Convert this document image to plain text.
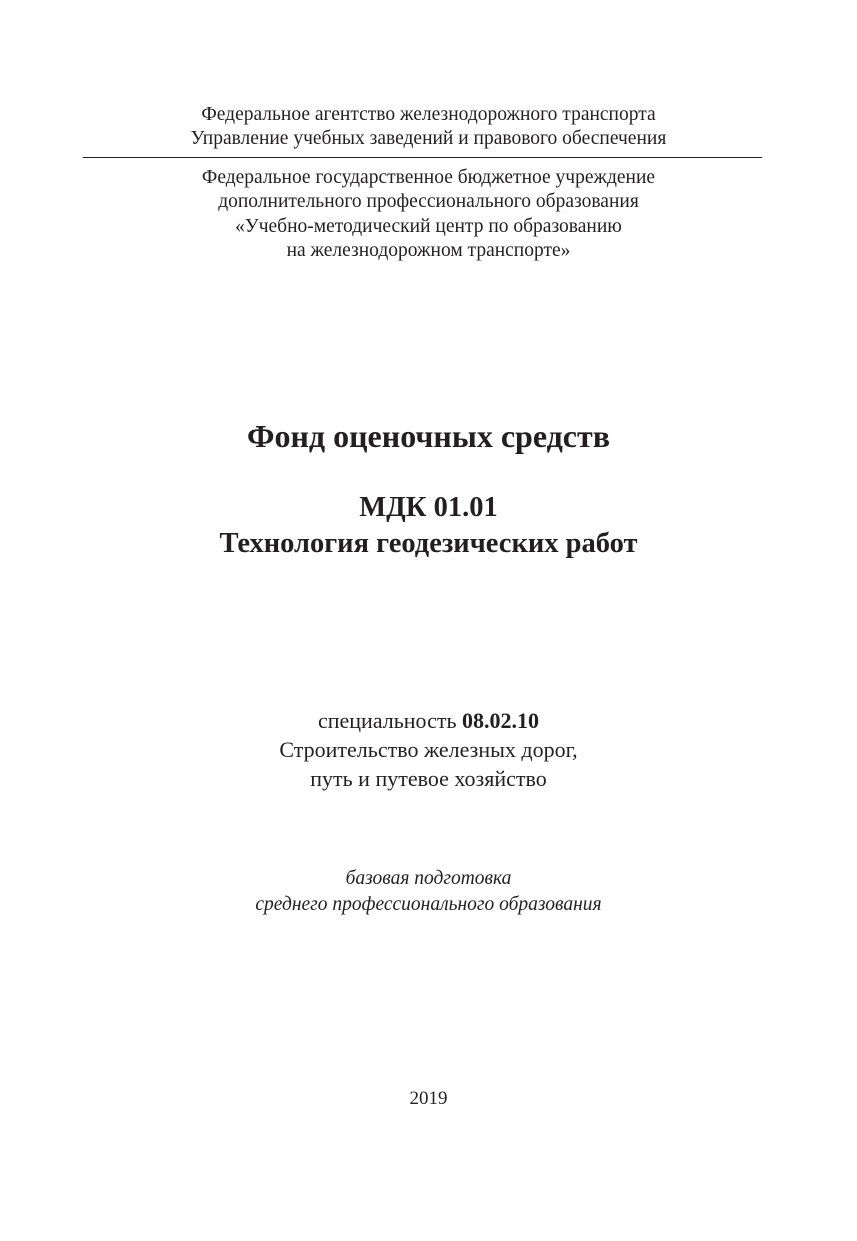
Федеральное агентство железнодорожного транспорта
Управление учебных заведений и правового обеспечения
Федеральное государственное бюджетное учреждение
дополнительного профессионального образования
«Учебно-методический центр по образованию
на железнодорожном транспорте»
Фонд оценочных средств
МДК 01.01
Технология геодезических работ
специальность 08.02.10
Строительство железных дорог,
путь и путевое хозяйство
базовая подготовка
среднего профессионального образования
2019
